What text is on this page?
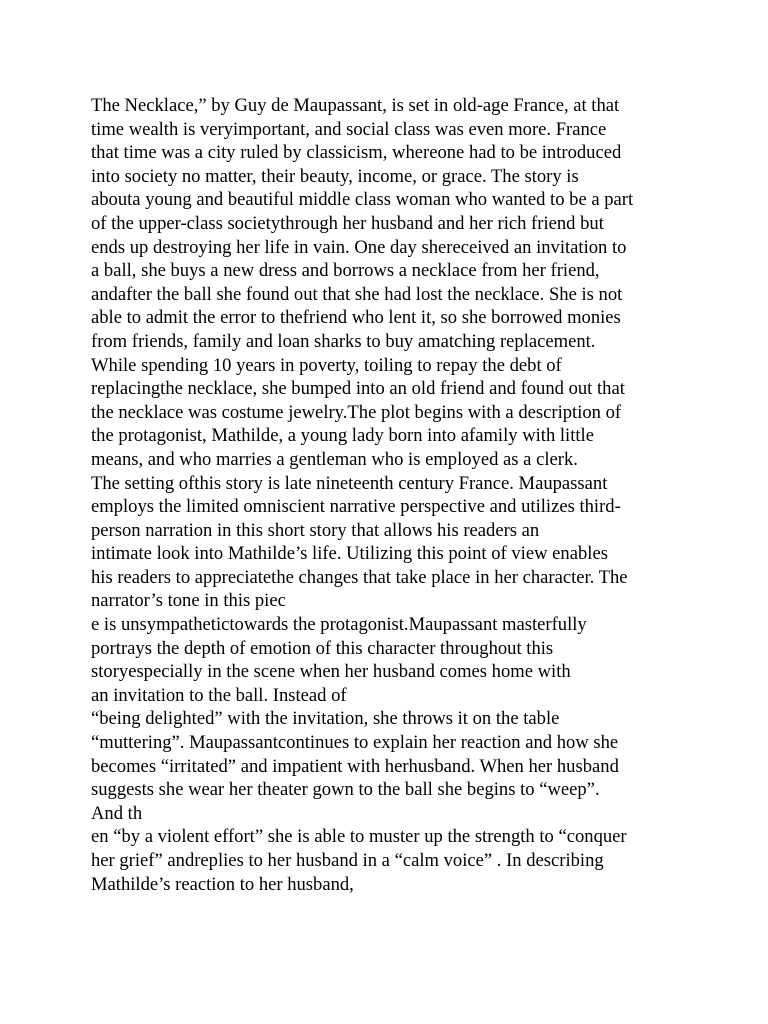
The Necklace,” by Guy de Maupassant, is set in old-age France, at that
time wealth is veryimportant, and social class was even more. France
that time was a city ruled by classicism, whereone had to be introduced
into society no matter, their beauty, income, or grace. The story is
abouta young and beautiful middle class woman who wanted to be a part
of the upper-class societythrough her husband and her rich friend but
ends up destroying her life in vain. One day shereceived an invitation to
a ball, she buys a new dress and borrows a necklace from her friend,
andafter the ball she found out that she had lost the necklace. She is not
able to admit the error to thefriend who lent it, so she borrowed monies
from friends, family and loan sharks to buy amatching replacement.
While spending 10 years in poverty, toiling to repay the debt of
replacingthe necklace, she bumped into an old friend and found out that
the necklace was costume jewelry.The plot begins with a description of
the protagonist, Mathilde, a young lady born into afamily with little
means, and who marries a gentleman who is employed as a clerk.
The setting ofthis story is late nineteenth century France. Maupassant
employs the limited omniscient narrative perspective and utilizes third-
person narration in this short story that allows his readers an
intimate look into Mathilde’s life. Utilizing this point of view enables
his readers to appreciatethe changes that take place in her character. The
narrator’s tone in this piec
e is unsympathetictowards the protagonist.Maupassant masterfully
portrays the depth of emotion of this character throughout this
storyespecially in the scene when her husband comes home with
an invitation to the ball. Instead of
“being delighted” with the invitation, she throws it on the table
“muttering”. Maupassantcontinues to explain her reaction and how she
becomes “irritated” and impatient with herhusband. When her husband
suggests she wear her theater gown to the ball she begins to “weep”.
And th
en “by a violent effort” she is able to muster up the strength to “conquer
her grief” andreplies to her husband in a “calm voice” . In describing
Mathilde’s reaction to her husband,
